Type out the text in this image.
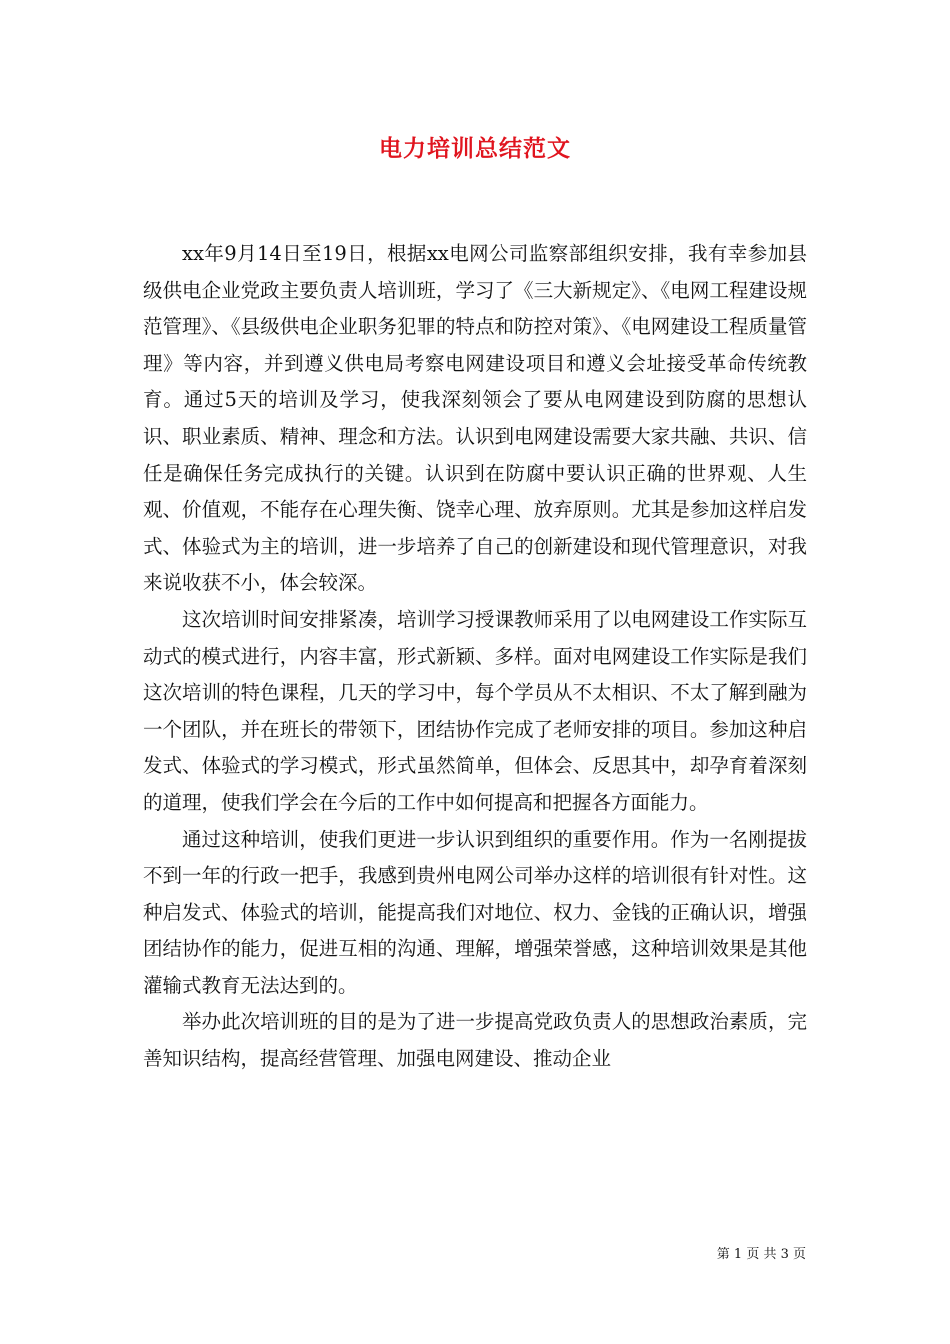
电力培训总结范文

xx年9月14日至19日，根据xx电网公司监察部组织安排，我有幸参加县级供电企业党政主要负责人培训班，学习了《三大新规定》、《电网工程建设规范管理》、《县级供电企业职务犯罪的特点和防控对策》、《电网建设工程质量管理》等内容，并到遵义供电局考察电网建设项目和遵义会址接受革命传统教育。通过5天的培训及学习，使我深刻领会了要从电网建设到防腐的思想认识、职业素质、精神、理念和方法。认识到电网建设需要大家共融、共识、信任是确保任务完成执行的关键。认识到在防腐中要认识正确的世界观、人生观、价值观，不能存在心理失衡、饶幸心理、放弃原则。尤其是参加这样启发式、体验式为主的培训，进一步培养了自己的创新建设和现代管理意识，对我来说收获不小，体会较深。

这次培训时间安排紧凑，培训学习授课教师采用了以电网建设工作实际互动式的模式进行，内容丰富，形式新颖、多样。面对电网建设工作实际是我们这次培训的特色课程，几天的学习中，每个学员从不太相识、不太了解到融为一个团队，并在班长的带领下，团结协作完成了老师安排的项目。参加这种启发式、体验式的学习模式，形式虽然简单，但体会、反思其中，却孕育着深刻的道理，使我们学会在今后的工作中如何提高和把握各方面能力。

通过这种培训，使我们更进一步认识到组织的重要作用。作为一名刚提拔不到一年的行政一把手，我感到贵州电网公司举办这样的培训很有针对性。这种启发式、体验式的培训，能提高我们对地位、权力、金钱的正确认识，增强团结协作的能力，促进互相的沟通、理解，增强荣誉感，这种培训效果是其他灌输式教育无法达到的。

举办此次培训班的目的是为了进一步提高党政负责人的思想政治素质，完善知识结构，提高经营管理、加强电网建设、推动企业

第 1 页 共 3 页
